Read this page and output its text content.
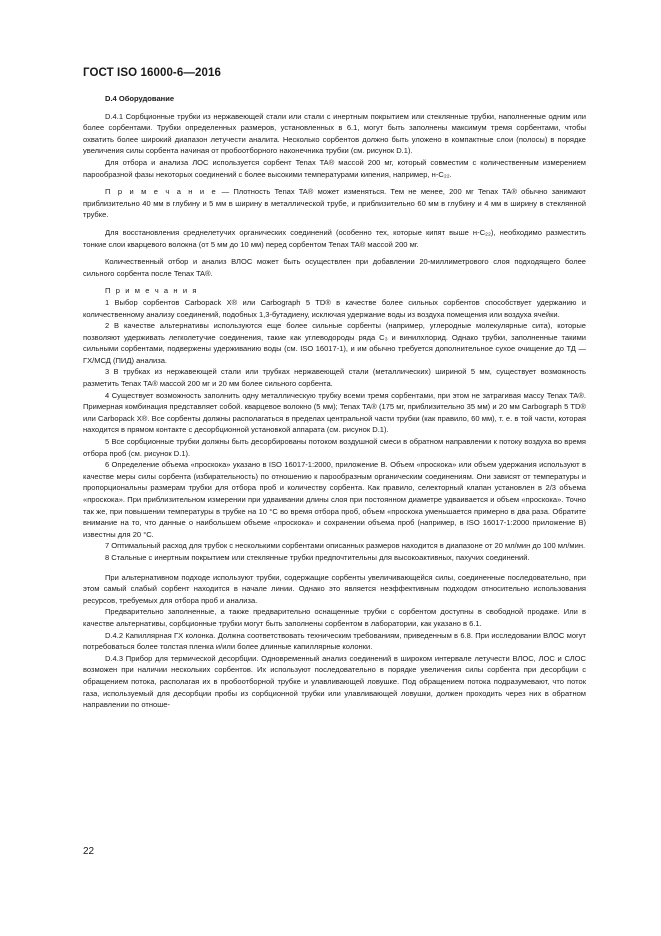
ГОСТ ISO 16000-6—2016

D.4 Оборудование

D.4.1 Сорбционные трубки из нержавеющей стали или стали с инертным покрытием или стеклянные трубки, наполненные одним или более сорбентами. Трубки определенных размеров, установленных в 6.1, могут быть заполнены максимум тремя сорбентами, чтобы охватить более широкий диапазон летучести аналита. Несколько сорбентов должно быть уложено в компактные слои (полосы) в порядке увеличения силы сорбента начиная от пробоотборного наконечника трубки (см. рисунок D.1).

Для отбора и анализа ЛОС используется сорбент Tenax TA® массой 200 мг, который совместим с количественным измерением парообразной фазы некоторых соединений с более высокими температурами кипения, например, н-C₂₂.

П р и м е ч а н и е — Плотность Tenax TA® может изменяться. Тем не менее, 200 мг Tenax TA® обычно занимают приблизительно 40 мм в глубину и 5 мм в ширину в металлической трубе, и приблизительно 60 мм в глубину и 4 мм в ширину в стеклянной трубке.

Для восстановления среднелетучих органических соединений (особенно тех, которые кипят выше н-C₂₂), необходимо разместить тонкие слои кварцевого волокна (от 5 мм до 10 мм) перед сорбентом Tenax TA® массой 200 мг.

Количественный отбор и анализ ВЛОС может быть осуществлен при добавлении 20-миллиметрового слоя подходящего более сильного сорбента после Tenax TA®.

П р и м е ч а н и я

1 Выбор сорбентов Carbopack X® или Carbograph 5 TD® в качестве более сильных сорбентов способствует удержанию и количественному анализу соединений, подобных 1,3-бутадиену, исключая удержание воды из воздуха помещения или воздуха ячейки.

2 В качестве альтернативы используются еще более сильные сорбенты (например, углеродные молекулярные сита), которые позволяют удерживать легколетучие соединения, такие как углеводороды ряда C₃ и винилхлорид. Однако трубки, заполненные такими сильными сорбентами, подвержены удерживанию воды (см. ISO 16017-1), и им обычно требуется дополнительное сухое очищение до ТД — ГХ/МСД (ПИД) анализа.

3 В трубках из нержавеющей стали или трубках нержавеющей стали (металлических) шириной 5 мм, существует возможность разметить Tenax TA® массой 200 мг и 20 мм более сильного сорбента.

4 Существует возможность заполнить одну металлическую трубку всеми тремя сорбентами, при этом не затрагивая массу Tenax TA®. Примерная комбинация представляет собой. кварцевое волокно (5 мм); Tenax TA® (175 мг, приблизительно 35 мм) и 20 мм Carbograph 5 TD® или Carbopack X®. Все сорбенты должны располагаться в пределах центральной части трубки (как правило, 60 мм), т. е. в той части, которая находится в прямом контакте с десорбционной установкой аппарата (см. рисунок D.1).

5 Все сорбционные трубки должны быть десорбированы потоком воздушной смеси в обратном направлении к потоку воздуха во время отбора проб (см. рисунок D.1).

6 Определение объема «проскока» указано в ISO 16017-1:2000, приложение В. Объем «проскока» или объем удержания используют в качестве меры силы сорбента (избирательность) по отношению к парообразным органическим соединениям. Они зависят от температуры и пропорциональны размерам трубки для отбора проб и количеству сорбента. Как правило, селекторный клапан установлен в 2/3 объема «проскока». При приблизительном измерении при удваивании длины слоя при постоянном диаметре удваивается и объем «проскока». Точно так же, при повышении температуры в трубке на 10 °C во время отбора проб, объем «проскока уменьшается примерно в два раза. Обратите внимание на то, что данные о наибольшем объеме «проскока» и сохранении объема проб (например, в ISO 16017-1:2000 приложение В) известны для 20 °C.

7 Оптимальный расход для трубок с несколькими сорбентами описанных размеров находится в диапазоне от 20 мл/мин до 100 мл/мин.

8 Стальные с инертным покрытием или стеклянные трубки предпочтительны для высокоактивных, пахучих соединений.

При альтернативном подходе используют трубки, содержащие сорбенты увеличивающейся силы, соединенные последовательно, при этом самый слабый сорбент находится в начале линии. Однако это является неэффективным подходом относительно использования ресурсов, требуемых для отбора проб и анализа.

Предварительно заполненные, а также предварительно оснащенные трубки с сорбентом доступны в свободной продаже. Или в качестве альтернативы, сорбционные трубки могут быть заполнены сорбентом в лаборатории, как указано в 6.1.

D.4.2 Капиллярная ГХ колонка. Должна соответствовать техническим требованиям, приведенным в 6.8. При исследовании ВЛОС могут потребоваться более толстая пленка и/или более длинные капиллярные колонки.

D.4.3 Прибор для термической десорбции. Одновременный анализ соединений в широком интервале летучести ВЛОС, ЛОС и СЛОС возможен при наличии нескольких сорбентов. Их используют последовательно в порядке увеличения силы сорбента при десорбции с обращением потока, располагая их в пробоотборной трубке и улавливающей ловушке. Под обращением потока подразумевают, что поток газа, используемый для десорбции пробы из сорбционной трубки или улавливающей ловушки, должен проходить через них в обратном направлении по отноше-

22
